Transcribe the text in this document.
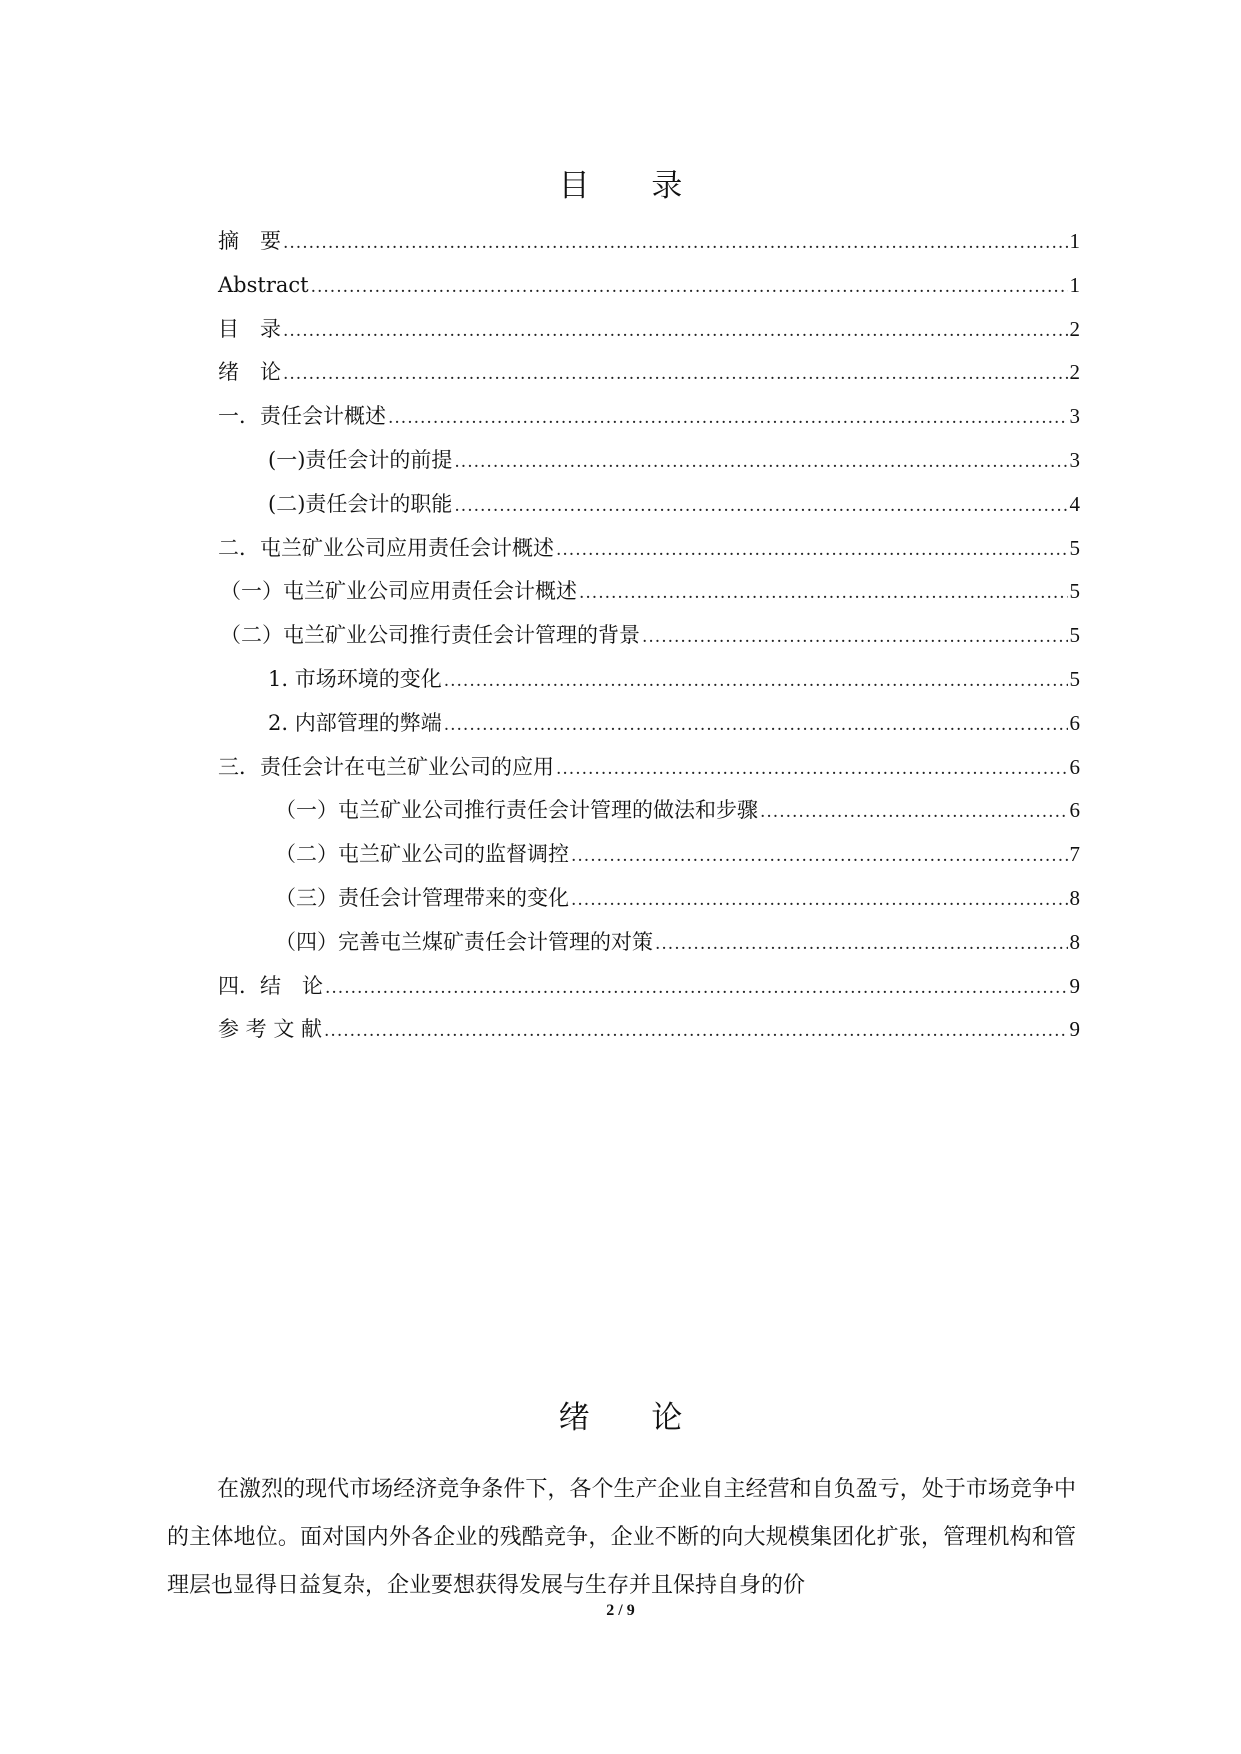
目 录
摘　要 .....	1
Abstract .....	1
目　录 .....	2
绪　论 .....	2
一．责任会计概述 .....	3
(一)责任会计的前提 .....	3
(二)责任会计的职能 .....	4
二．屯兰矿业公司应用责任会计概述 .....	5
（一）屯兰矿业公司应用责任会计概述 .....	5
（二）屯兰矿业公司推行责任会计管理的背景 .....	5
1. 市场环境的变化 .....	5
2. 内部管理的弊端 .....	6
三．责任会计在屯兰矿业公司的应用 .....	6
（一）屯兰矿业公司推行责任会计管理的做法和步骤 .....	6
（二）屯兰矿业公司的监督调控 .....	7
（三）责任会计管理带来的变化 .....	8
（四）完善屯兰煤矿责任会计管理的对策 .....	8
四．结　论 .....	9
参 考 文 献 .....	9
绪 论

在激烈的现代市场经济竞争条件下，各个生产企业自主经营和自负盈亏，处于市场竞争中的主体地位。面对国内外各企业的残酷竞争，企业不断的向大规模集团化扩张，管理机构和管理层也显得日益复杂，企业要想获得发展与生存并且保持自身的价

2 / 9
